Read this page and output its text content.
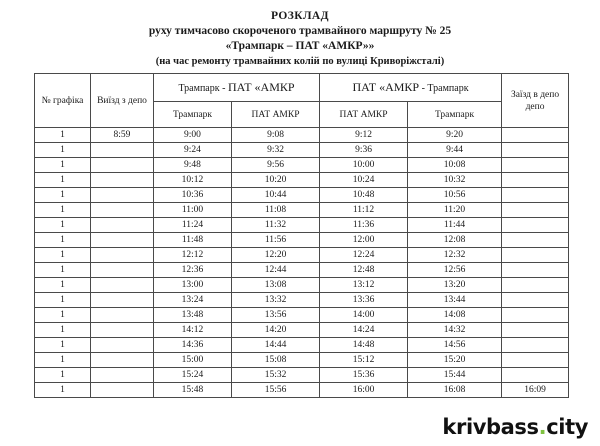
РОЗКЛАД
руху тимчасово скороченого трамвайного маршруту № 25
«Трампарк – ПАТ «АМКР»»
(на час ремонту трамвайних колій по вулиці Криворіжсталі)
№ графіка	Виїзд з депо	Трампарк - ПАТ «АМКР		ПАТ «АМКР - Трампарк		Заїзд в депо депо
		Трампарк	ПАТ АМКР	ПАТ АМКР	Трампарк	
1	8:59	9:00	9:08	9:12	9:20	
1		9:24	9:32	9:36	9:44	
1		9:48	9:56	10:00	10:08	
1		10:12	10:20	10:24	10:32	
1		10:36	10:44	10:48	10:56	
1		11:00	11:08	11:12	11:20	
1		11:24	11:32	11:36	11:44	
1		11:48	11:56	12:00	12:08	
1		12:12	12:20	12:24	12:32	
1		12:36	12:44	12:48	12:56	
1		13:00	13:08	13:12	13:20	
1		13:24	13:32	13:36	13:44	
1		13:48	13:56	14:00	14:08	
1		14:12	14:20	14:24	14:32	
1		14:36	14:44	14:48	14:56	
1		15:00	15:08	15:12	15:20	
1		15:24	15:32	15:36	15:44	
1		15:48	15:56	16:00	16:08	16:09
krivbass.city
